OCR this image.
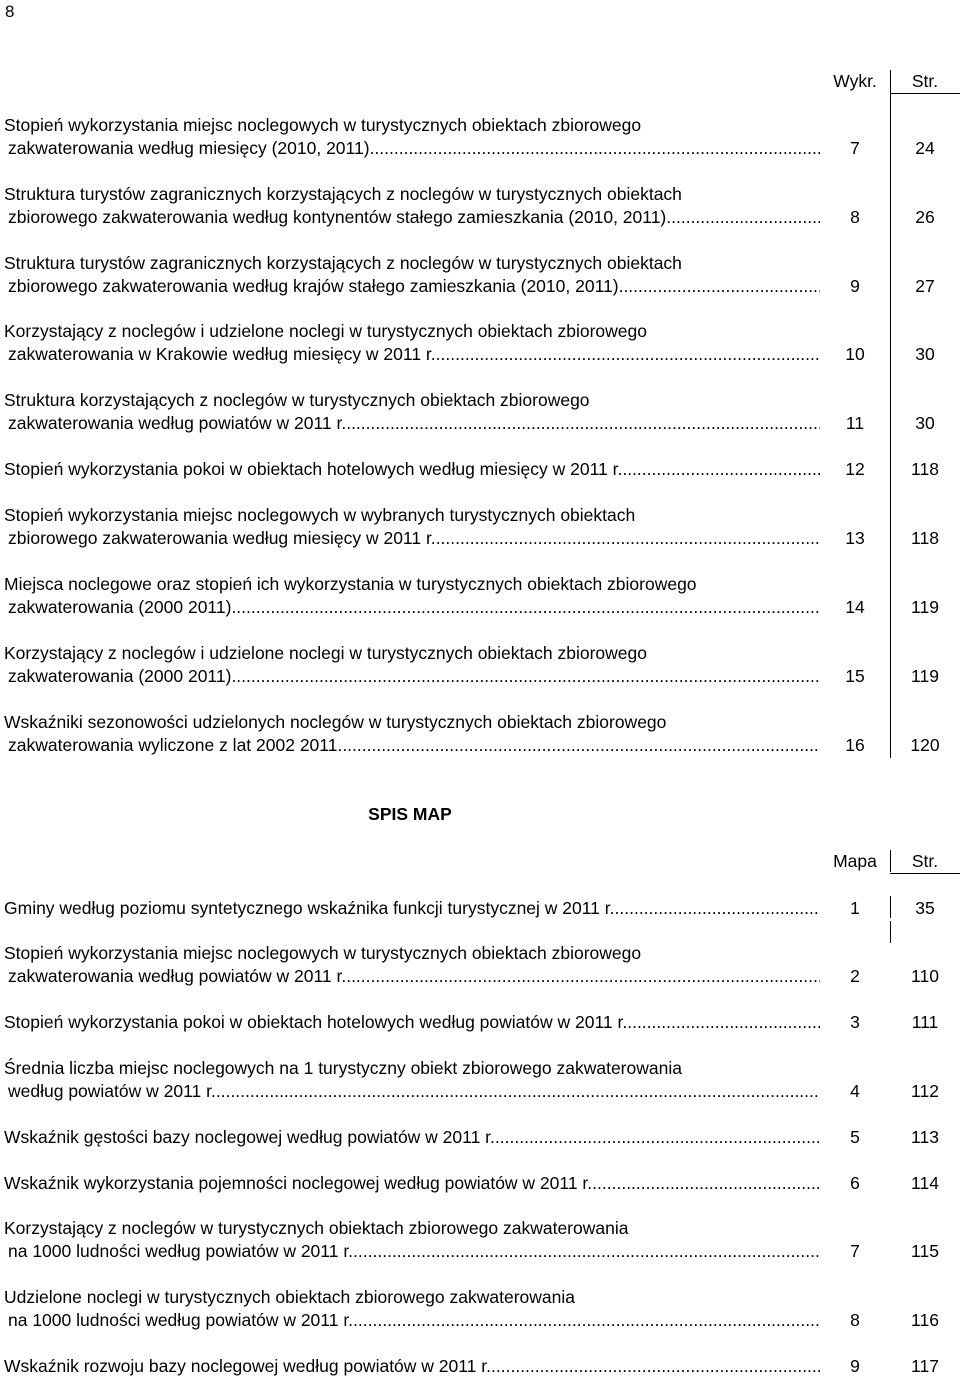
8
Wykr.	Str.
Stopień wykorzystania miejsc noclegowych w turystycznych obiektach zbiorowego
zakwaterowania według miesięcy (2010, 2011). .....	7	24
Struktura turystów zagranicznych korzystających z noclegów w turystycznych obiektach
zbiorowego zakwaterowania według kontynentów stałego zamieszkania (2010, 2011). .....	8	26
Struktura turystów zagranicznych korzystających z noclegów w turystycznych obiektach
zbiorowego zakwaterowania według krajów stałego zamieszkania (2010, 2011) .....	9	27
Korzystający z noclegów i udzielone noclegi w turystycznych obiektach zbiorowego
zakwaterowania w Krakowie według miesięcy w 2011 r. .....	10	30
Struktura korzystających z noclegów w turystycznych obiektach zbiorowego
zakwaterowania według powiatów w 2011 r. .....	11	30
Stopień wykorzystania pokoi w obiektach hotelowych według miesięcy w 2011 r. .....	12	118
Stopień wykorzystania miejsc noclegowych w wybranych turystycznych obiektach
zbiorowego zakwaterowania według miesięcy w 2011 r. .....	13	118
Miejsca noclegowe oraz stopień ich wykorzystania w turystycznych obiektach zbiorowego
zakwaterowania (2000 2011) .....	14	119
Korzystający z noclegów i udzielone noclegi w turystycznych obiektach zbiorowego
zakwaterowania (2000 2011) .....	15	119
Wskaźniki sezonowości udzielonych noclegów w turystycznych obiektach zbiorowego
zakwaterowania wyliczone z lat 2002 2011 .....	16	120
SPIS MAP
Mapa	Str.
Gminy według poziomu syntetycznego wskaźnika funkcji turystycznej w 2011 r. .....	1	35
Stopień wykorzystania miejsc noclegowych w turystycznych obiektach zbiorowego
zakwaterowania według powiatów w 2011 r. .....	2	110
Stopień wykorzystania pokoi w obiektach hotelowych według powiatów w 2011 r. .....	3	111
Średnia liczba miejsc noclegowych na 1 turystyczny obiekt zbiorowego zakwaterowania
według powiatów w 2011 r. .....	4	112
Wskaźnik gęstości bazy noclegowej według powiatów w 2011 r. .....	5	113
Wskaźnik wykorzystania pojemności noclegowej według powiatów w 2011 r. .....	6	114
Korzystający z noclegów w turystycznych obiektach zbiorowego zakwaterowania
na 1000 ludności według powiatów w 2011 r. .....	7	115
Udzielone noclegi w turystycznych obiektach zbiorowego zakwaterowania
na 1000 ludności według powiatów w 2011 r. .....	8	116
Wskaźnik rozwoju bazy noclegowej według powiatów w 2011 r. .....	9	117
